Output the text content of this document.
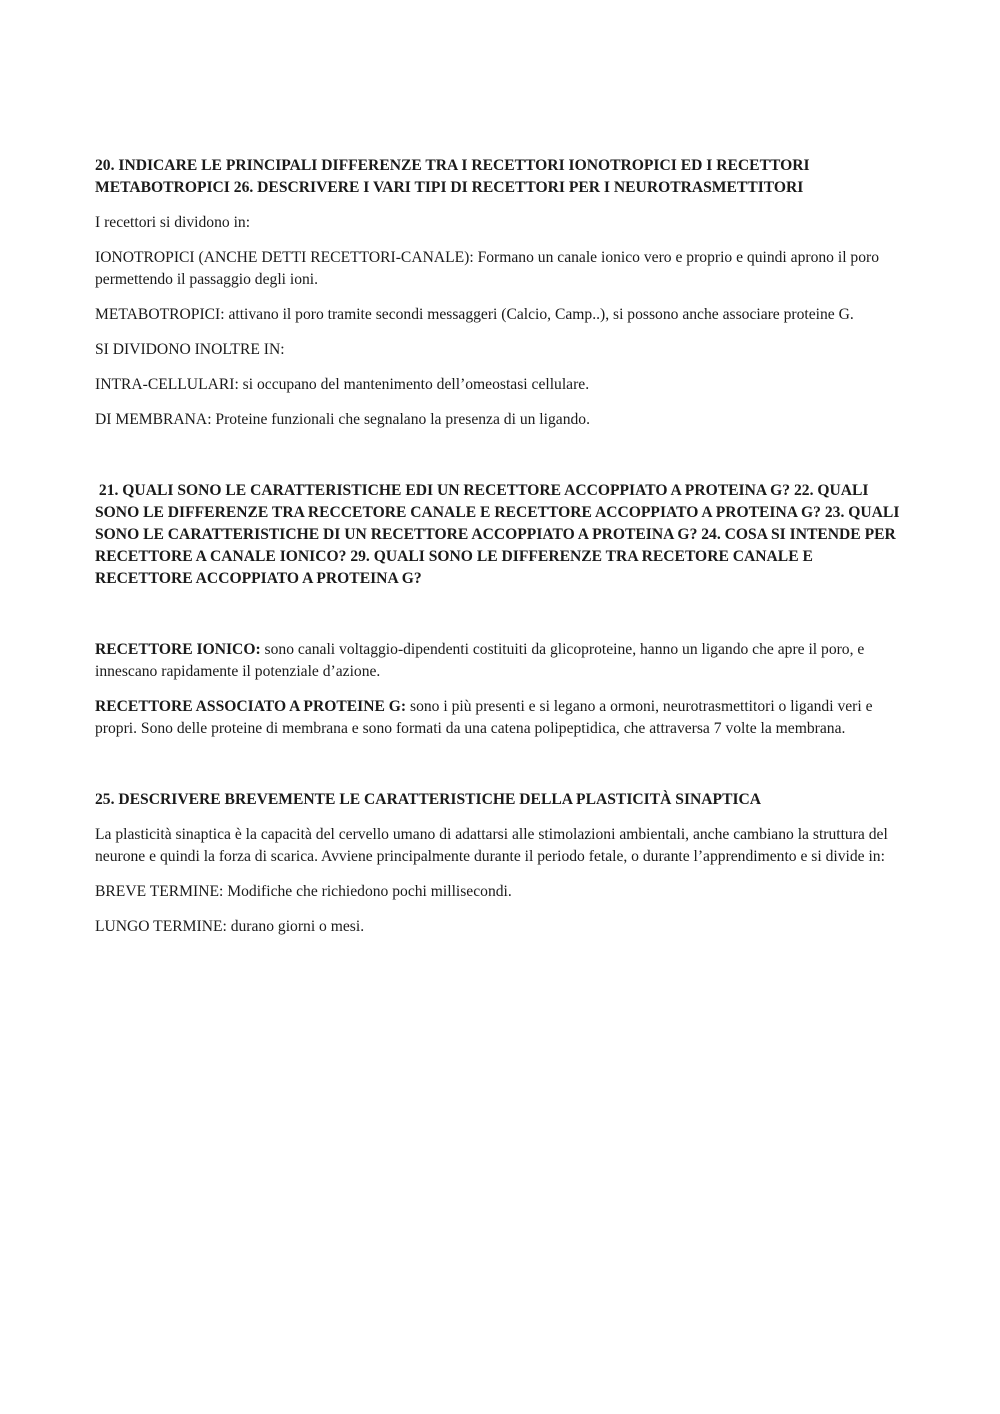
20. INDICARE LE PRINCIPALI DIFFERENZE TRA I RECETTORI IONOTROPICI ED I RECETTORI METABOTROPICI 26. DESCRIVERE I VARI TIPI DI RECETTORI PER I NEUROTRASMETTITORI

I recettori si dividono in:

IONOTROPICI (ANCHE DETTI RECETTORI-CANALE): Formano un canale ionico vero e proprio e quindi aprono il poro permettendo il passaggio degli ioni.

METABOTROPICI: attivano il poro tramite secondi messaggeri (Calcio, Camp..), si possono anche associare proteine G.

SI DIVIDONO INOLTRE IN:

INTRA-CELLULARI: si occupano del mantenimento dell’omeostasi cellulare.

DI MEMBRANA: Proteine funzionali che segnalano la presenza di un ligando.

21. QUALI SONO LE CARATTERISTICHE EDI UN RECETTORE ACCOPPIATO A PROTEINA G? 22. QUALI SONO LE DIFFERENZE TRA RECCETORE CANALE E RECETTORE ACCOPPIATO A PROTEINA G? 23. QUALI SONO LE CARATTERISTICHE DI UN RECETTORE ACCOPPIATO A PROTEINA G? 24. COSA SI INTENDE PER RECETTORE A CANALE IONICO? 29. QUALI SONO LE DIFFERENZE TRA RECETORE CANALE E RECETTORE ACCOPPIATO A PROTEINA G?

RECETTORE IONICO: sono canali voltaggio-dipendenti costituiti da glicoproteine, hanno un ligando che apre il poro, e innescano rapidamente il potenziale d’azione.

RECETTORE ASSOCIATO A PROTEINE G: sono i più presenti e si legano a ormoni, neurotrasmettitori o ligandi veri e propri. Sono delle proteine di membrana e sono formati da una catena polipeptidica, che attraversa 7 volte la membrana.

25. DESCRIVERE BREVEMENTE LE CARATTERISTICHE DELLA PLASTICITÀ SINAPTICA

La plasticità sinaptica è la capacità del cervello umano di adattarsi alle stimolazioni ambientali, anche cambiano la struttura del neurone e quindi la forza di scarica. Avviene principalmente durante il periodo fetale, o durante l’apprendimento e si divide in:

BREVE TERMINE: Modifiche che richiedono pochi millisecondi.

LUNGO TERMINE: durano giorni o mesi.
